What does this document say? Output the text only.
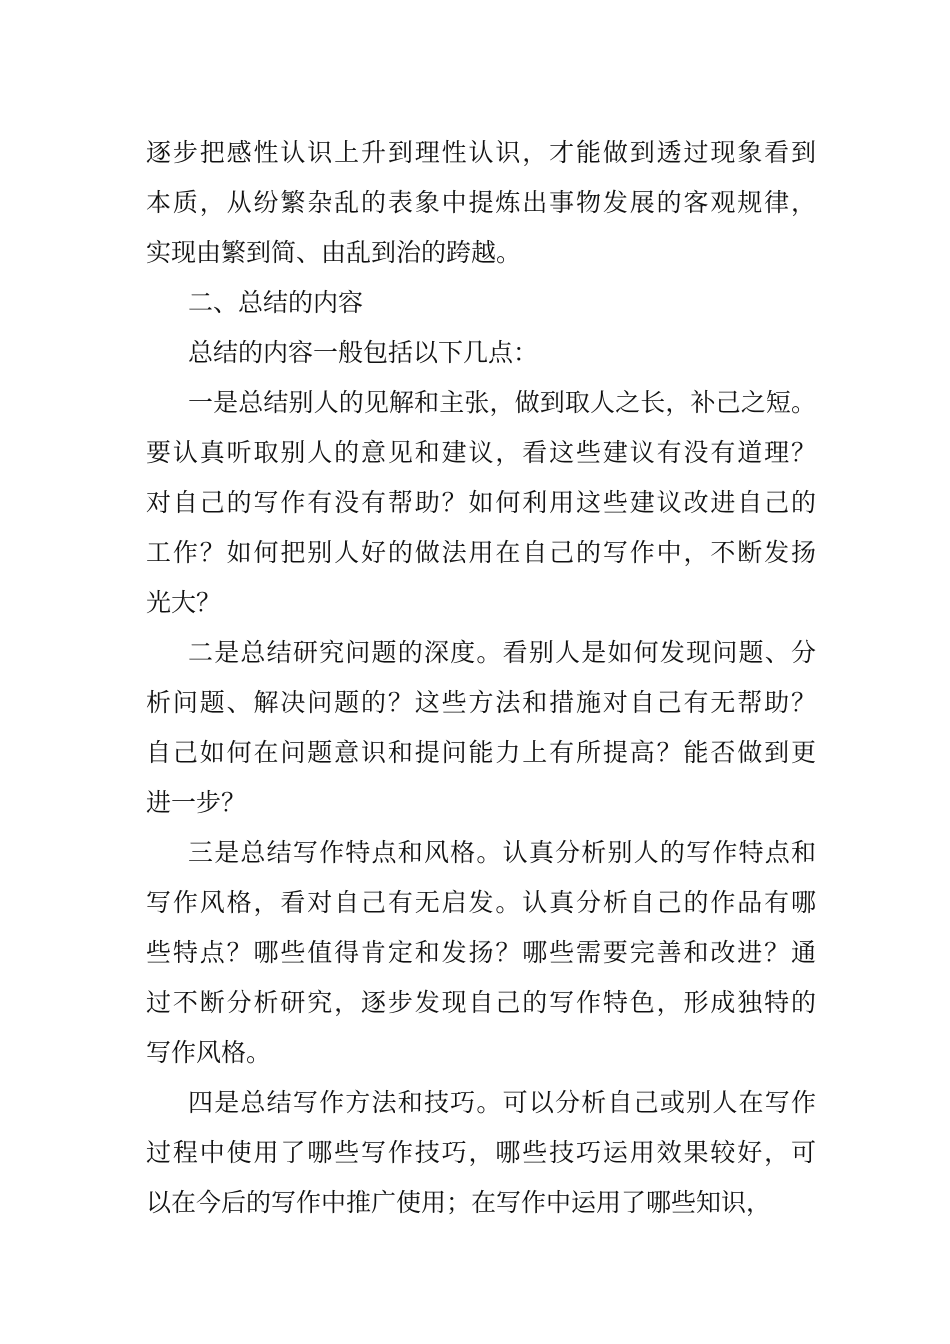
逐步把感性认识上升到理性认识，才能做到透过现象看到
本质，从纷繁杂乱的表象中提炼出事物发展的客观规律，
实现由繁到简、由乱到治的跨越。
二、总结的内容
总结的内容一般包括以下几点：
一是总结别人的见解和主张，做到取人之长，补己之短。
要认真听取别人的意见和建议，看这些建议有没有道理？
对自己的写作有没有帮助？如何利用这些建议改进自己的
工作？如何把别人好的做法用在自己的写作中，不断发扬
光大？
二是总结研究问题的深度。看别人是如何发现问题、分
析问题、解决问题的？这些方法和措施对自己有无帮助？
自己如何在问题意识和提问能力上有所提高？能否做到更
进一步？
三是总结写作特点和风格。认真分析别人的写作特点和
写作风格，看对自己有无启发。认真分析自己的作品有哪
些特点？哪些值得肯定和发扬？哪些需要完善和改进？通
过不断分析研究，逐步发现自己的写作特色，形成独特的
写作风格。
四是总结写作方法和技巧。可以分析自己或别人在写作
过程中使用了哪些写作技巧，哪些技巧运用效果较好，可
以在今后的写作中推广使用；在写作中运用了哪些知识，
